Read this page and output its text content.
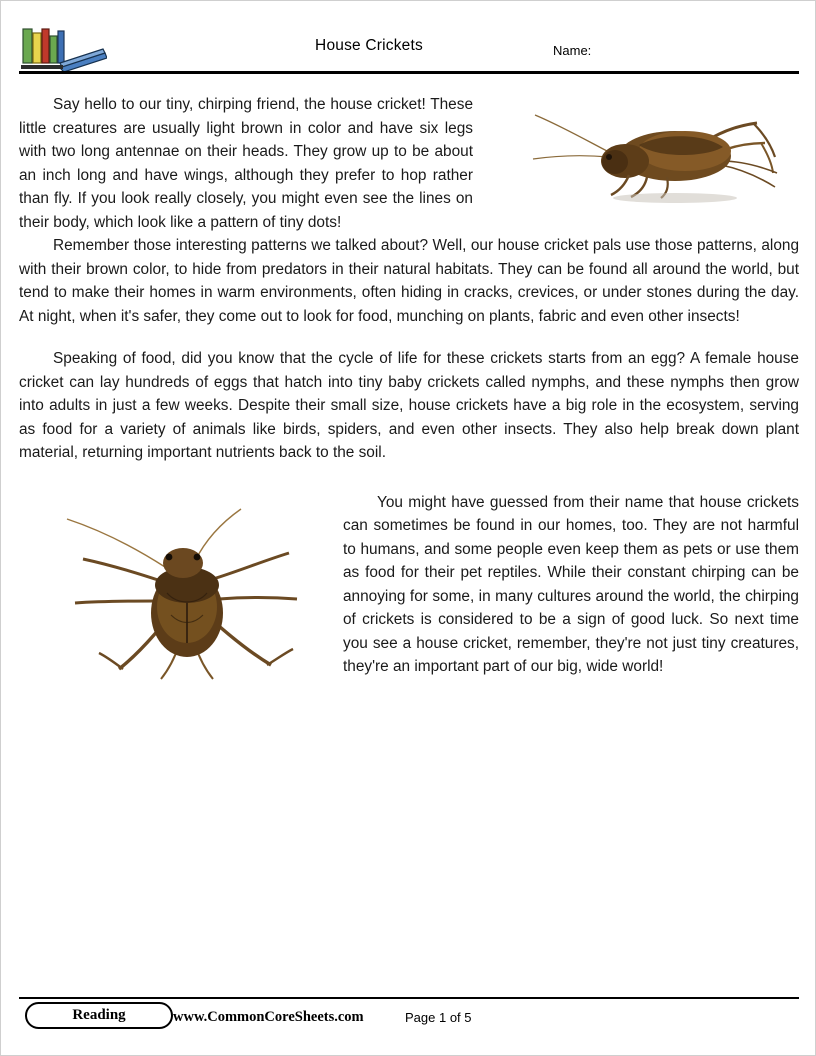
House Crickets	Name:

Say hello to our tiny, chirping friend, the house cricket! These little creatures are usually light brown in color and have six legs with two long antennae on their heads. They grow up to be about an inch long and have wings, although they prefer to hop rather than fly. If you look really closely, you might even see the lines on their body, which look like a pattern of tiny dots!

Remember those interesting patterns we talked about? Well, our house cricket pals use those patterns, along with their brown color, to hide from predators in their natural habitats. They can be found all around the world, but tend to make their homes in warm environments, often hiding in cracks, crevices, or under stones during the day. At night, when it's safer, they come out to look for food, munching on plants, fabric and even other insects!

Speaking of food, did you know that the cycle of life for these crickets starts from an egg? A female house cricket can lay hundreds of eggs that hatch into tiny baby crickets called nymphs, and these nymphs then grow into adults in just a few weeks. Despite their small size, house crickets have a big role in the ecosystem, serving as food for a variety of animals like birds, spiders, and even other insects. They also help break down plant material, returning important nutrients back to the soil.

You might have guessed from their name that house crickets can sometimes be found in our homes, too. They are not harmful to humans, and some people even keep them as pets or use them as food for their pet reptiles. While their constant chirping can be annoying for some, in many cultures around the world, the chirping of crickets is considered to be a sign of good luck. So next time you see a house cricket, remember, they're not just tiny creatures, they're an important part of our big, wide world!

Reading	www.CommonCoreSheets.com	Page 1 of 5
